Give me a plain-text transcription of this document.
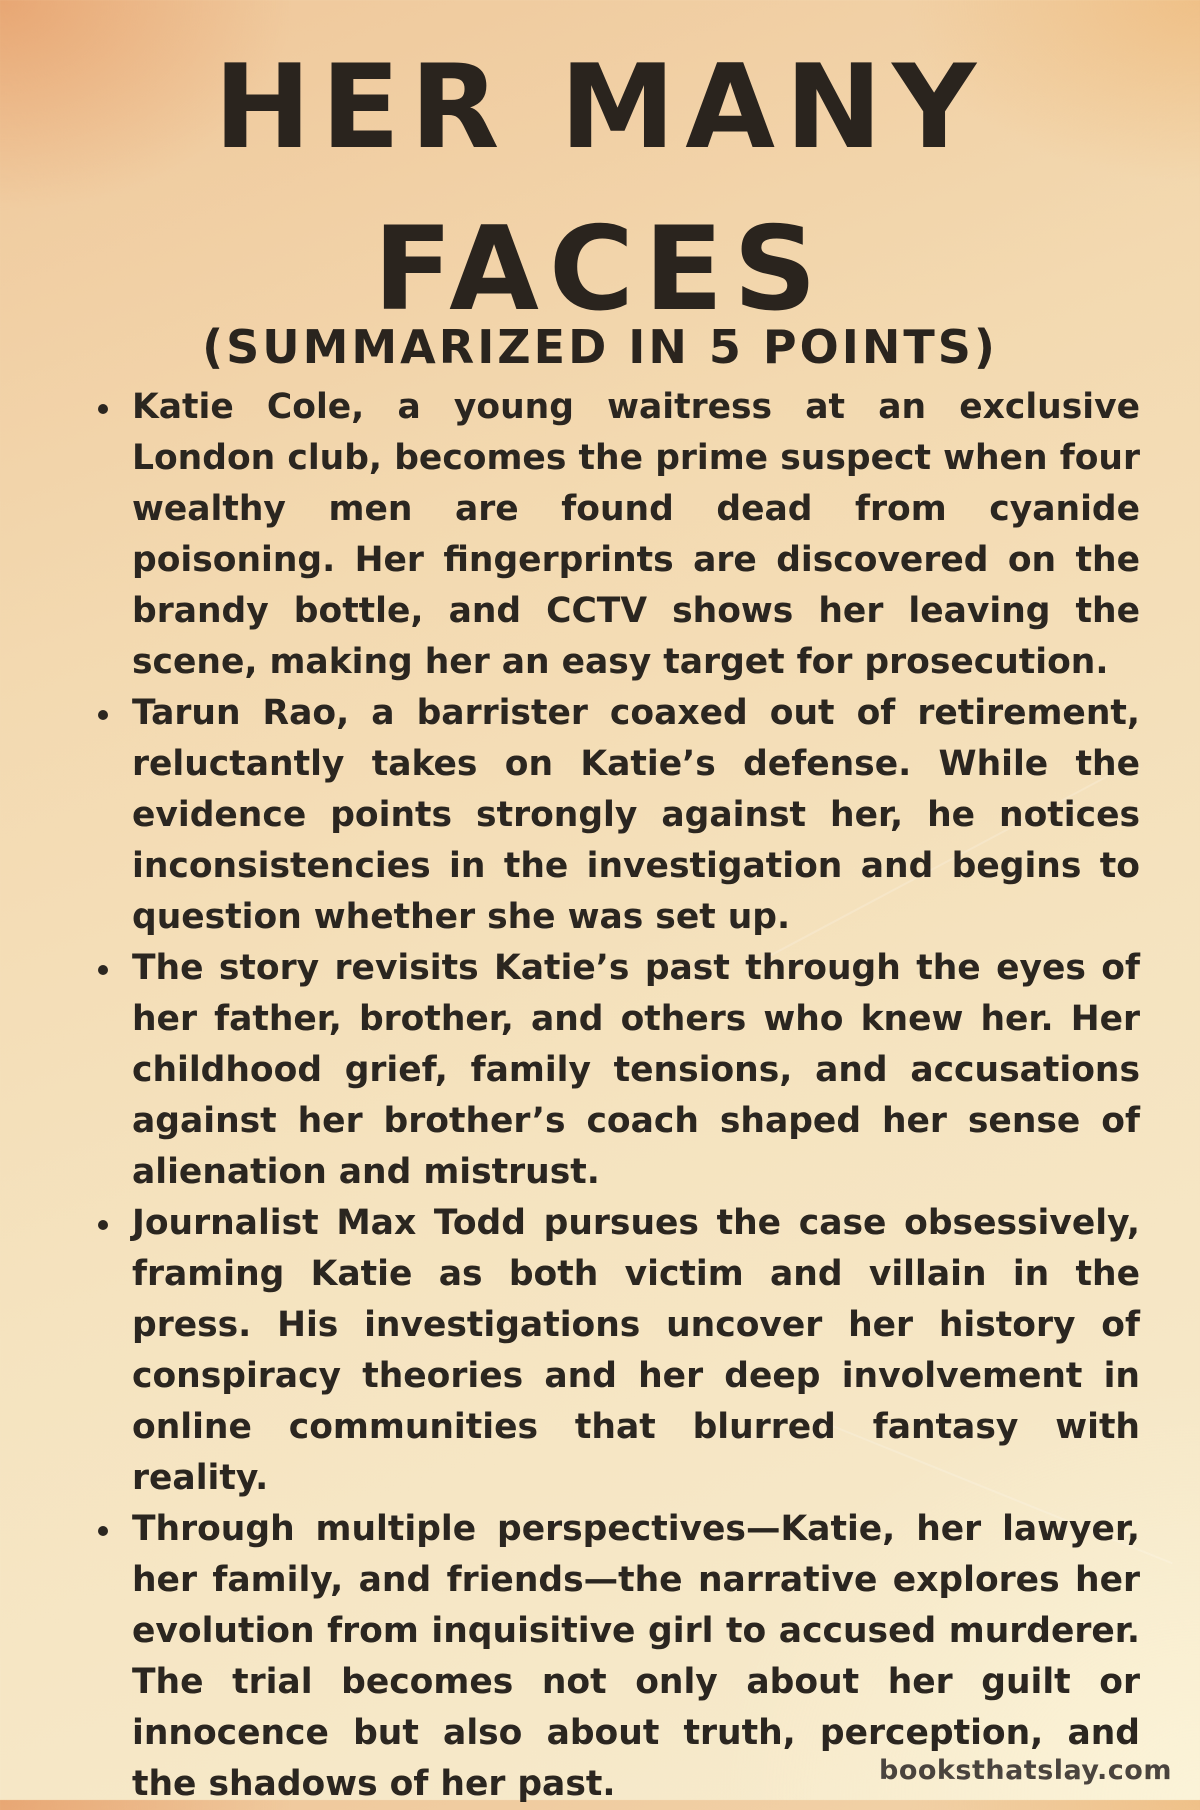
HER MANY
FACES
(SUMMARIZED IN 5 POINTS)
Katie Cole, a young waitress at an exclusive London club, becomes the prime suspect when four wealthy men are found dead from cyanide poisoning. Her fingerprints are discovered on the brandy bottle, and CCTV shows her leaving the scene, making her an easy target for prosecution.
Tarun Rao, a barrister coaxed out of retirement, reluctantly takes on Katie’s defense. While the evidence points strongly against her, he notices inconsistencies in the investigation and begins to question whether she was set up.
The story revisits Katie’s past through the eyes of her father, brother, and others who knew her. Her childhood grief, family tensions, and accusations against her brother’s coach shaped her sense of alienation and mistrust.
Journalist Max Todd pursues the case obsessively, framing Katie as both victim and villain in the press. His investigations uncover her history of conspiracy theories and her deep involvement in online communities that blurred fantasy with reality.
Through multiple perspectives—Katie, her lawyer, her family, and friends—the narrative explores her evolution from inquisitive girl to accused murderer. The trial becomes not only about her guilt or innocence but also about truth, perception, and the shadows of her past.	booksthatslay.com
